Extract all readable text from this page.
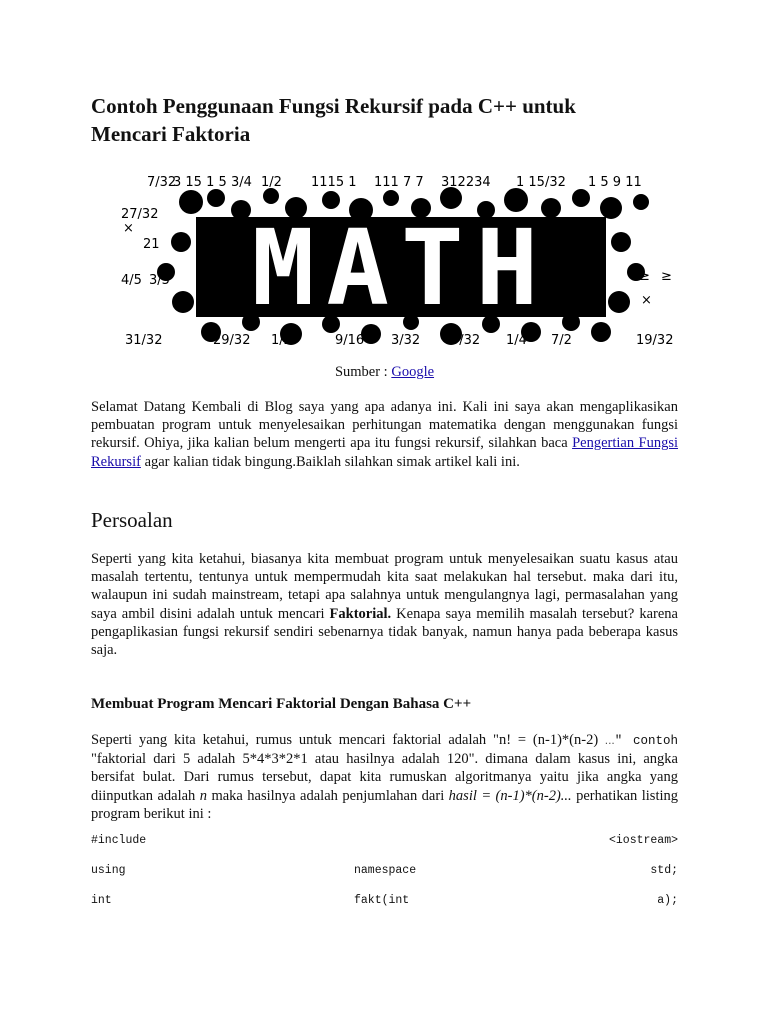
Contoh Penggunaan Fungsi Rekursif pada C++ untuk Mencari Faktoria
7/32
3 15 1 5 3/4 1/2 1115 1 111 7 7 312234 1 15/32 1 5 9 11
27/32
21
4/5 3/5
31/32	29/32 1/2	9/16 3/32	19/32
5/32 1/4 7/2
≥ ≥
×
× MATH
Sumber : Google

Selamat Datang Kembali di Blog saya yang apa adanya ini. Kali ini saya akan mengaplikasikan pembuatan program untuk menyelesaikan perhitungan matematika dengan menggunakan fungsi rekursif. Ohiya, jika kalian belum mengerti apa itu fungsi rekursif, silahkan baca Pengertian Fungsi Rekursif agar kalian tidak bingung.Baiklah silahkan simak artikel kali ini.

Persoalan

Seperti yang kita ketahui, biasanya kita membuat program untuk menyelesaikan suatu kasus atau masalah tertentu, tentunya untuk mempermudah kita saat melakukan hal tersebut. maka dari itu, walaupun ini sudah mainstream, tetapi apa salahnya untuk mengulangnya lagi, permasalahan yang saya ambil disini adalah untuk mencari Faktorial. Kenapa saya memilih masalah tersebut? karena pengaplikasian fungsi rekursif sendiri sebenarnya tidak banyak, namun hanya pada beberapa kasus saja.

Membuat Program Mencari Faktorial Dengan Bahasa C++

Seperti yang kita ketahui, rumus untuk mencari faktorial adalah "n! = (n-1)*(n-2) ..." contoh "faktorial dari 5 adalah 5*4*3*2*1 atau hasilnya adalah 120". dimana dalam kasus ini, angka bersifat bulat. Dari rumus tersebut, dapat kita rumuskan algoritmanya yaitu jika angka yang diinputkan adalah n maka hasilnya adalah penjumlahan dari hasil = (n-1)*(n-2)... perhatikan listing program berikut ini :

#include	<iostream>
using	namespace	std;
int	fakt(int	a);
